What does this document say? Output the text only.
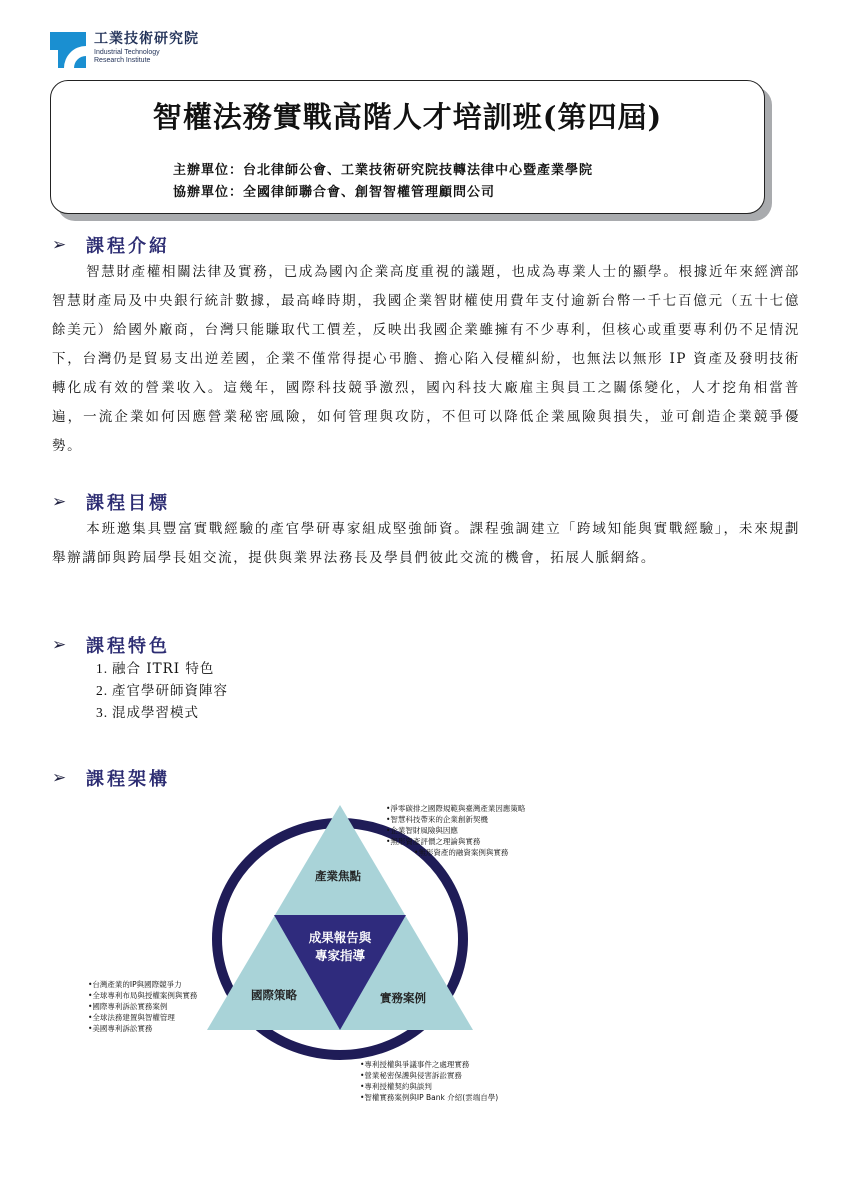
工業技術研究院
Industrial Technology
Research Institute
智權法務實戰高階人才培訓班(第四屆)
主辦單位：台北律師公會、工業技術研究院技轉法律中心暨產業學院
協辦單位：全國律師聯合會、創智智權管理顧問公司
➢	課程介紹
智慧財產權相關法律及實務，已成為國內企業高度重視的議題，也成為專業人士的顯學。根據近年來經濟部智慧財產局及中央銀行統計數據，最高峰時期，我國企業智財權使用費年支付逾新台幣一千七百億元（五十七億餘美元）給國外廠商，台灣只能賺取代工價差，反映出我國企業雖擁有不少專利，但核心或重要專利仍不足情況下，台灣仍是貿易支出逆差國，企業不僅常得提心弔膽、擔心陷入侵權糾紛，也無法以無形 IP 資產及發明技術轉化成有效的營業收入。這幾年，國際科技競爭激烈，國內科技大廠雇主與員工之關係變化，人才挖角相當普遍，一流企業如何因應營業秘密風險，如何管理與攻防，不但可以降低企業風險與損失，並可創造企業競爭優勢。
➢	課程目標
本班邀集具豐富實戰經驗的產官學研專家組成堅強師資。課程強調建立「跨域知能與實戰經驗」，未來規劃舉辦講師與跨屆學長姐交流，提供與業界法務長及學員們彼此交流的機會，拓展人脈網絡。
➢	課程特色
1. 融合 ITRI 特色
2. 產官學研師資陣容
3. 混成學習模式
➢	課程架構
成果報告與
專家指導
產業焦點
國際策略	實務案例
•淨零碳排之國際規範與臺灣產業因應策略
•智慧科技帶來的企業創新契機
•企業智財風險與因應
•無形資產評價之理論與實務
•無形資產的融資案例與實務
•台灣產業的IP與國際競爭力
•全球專利布局與授權案例與實務
•國際專利訴訟實務案例
•全球法務建置與智權管理
•美國專利訴訟實務
•專利授權與爭議事件之處理實務
•營業秘密保護與侵害訴訟實務
•專利授權契約與談判
•智權實務案例與IP Bank 介紹(雲端自學)
